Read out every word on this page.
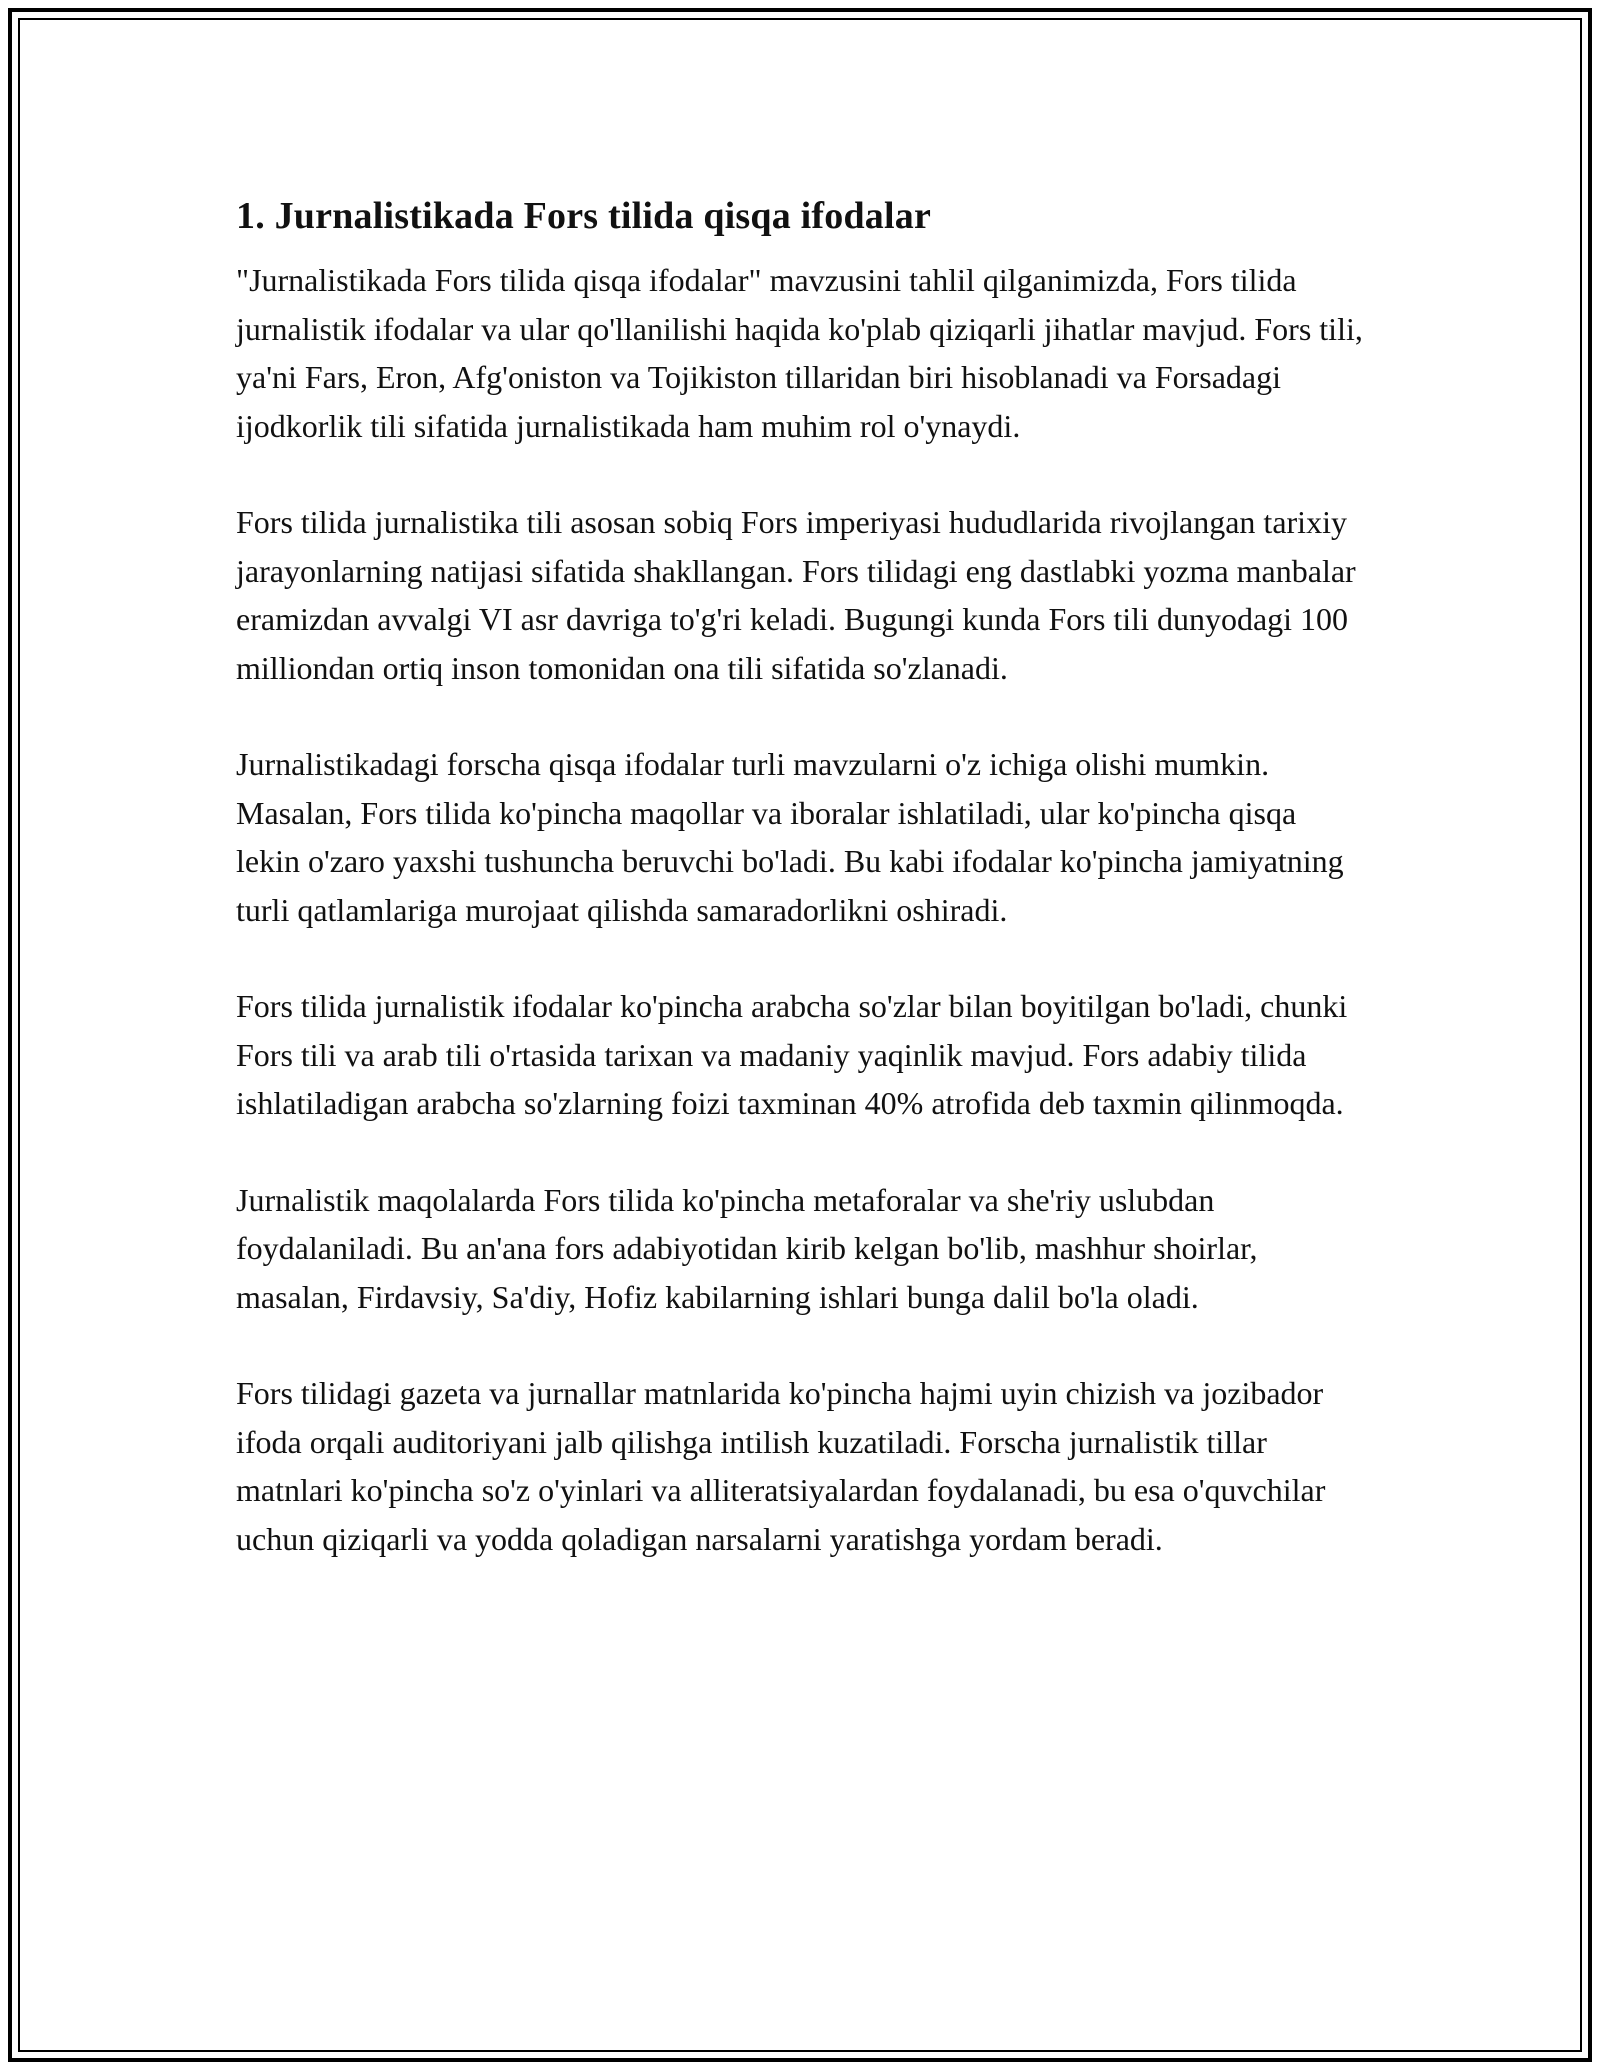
1. Jurnalistikada Fors tilida qisqa ifodalar

"Jurnalistikada Fors tilida qisqa ifodalar" mavzusini tahlil qilganimizda, Fors tilida jurnalistik ifodalar va ular qo'llanilishi haqida ko'plab qiziqarli jihatlar mavjud. Fors tili, ya'ni Fars, Eron, Afg'oniston va Tojikiston tillaridan biri hisoblanadi va Forsadagi ijodkorlik tili sifatida jurnalistikada ham muhim rol o'ynaydi.

Fors tilida jurnalistika tili asosan sobiq Fors imperiyasi hududlarida rivojlangan tarixiy jarayonlarning natijasi sifatida shakllangan. Fors tilidagi eng dastlabki yozma manbalar eramizdan avvalgi VI asr davriga to'g'ri keladi. Bugungi kunda Fors tili dunyodagi 100 milliondan ortiq inson tomonidan ona tili sifatida so'zlanadi.

Jurnalistikadagi forscha qisqa ifodalar turli mavzularni o'z ichiga olishi mumkin. Masalan, Fors tilida ko'pincha maqollar va iboralar ishlatiladi, ular ko'pincha qisqa lekin o'zaro yaxshi tushuncha beruvchi bo'ladi. Bu kabi ifodalar ko'pincha jamiyatning turli qatlamlariga murojaat qilishda samaradorlikni oshiradi.

Fors tilida jurnalistik ifodalar ko'pincha arabcha so'zlar bilan boyitilgan bo'ladi, chunki Fors tili va arab tili o'rtasida tarixan va madaniy yaqinlik mavjud. Fors adabiy tilida ishlatiladigan arabcha so'zlarning foizi taxminan 40% atrofida deb taxmin qilinmoqda.

Jurnalistik maqolalarda Fors tilida ko'pincha metaforalar va she'riy uslubdan foydalaniladi. Bu an'ana fors adabiyotidan kirib kelgan bo'lib, mashhur shoirlar, masalan, Firdavsiy, Sa'diy, Hofiz kabilarning ishlari bunga dalil bo'la oladi.

Fors tilidagi gazeta va jurnallar matnlarida ko'pincha hajmi uyin chizish va jozibador ifoda orqali auditoriyani jalb qilishga intilish kuzatiladi. Forscha jurnalistik tillar matnlari ko'pincha so'z o'yinlari va alliteratsiyalardan foydalanadi, bu esa o'quvchilar uchun qiziqarli va yodda qoladigan narsalarni yaratishga yordam beradi.
